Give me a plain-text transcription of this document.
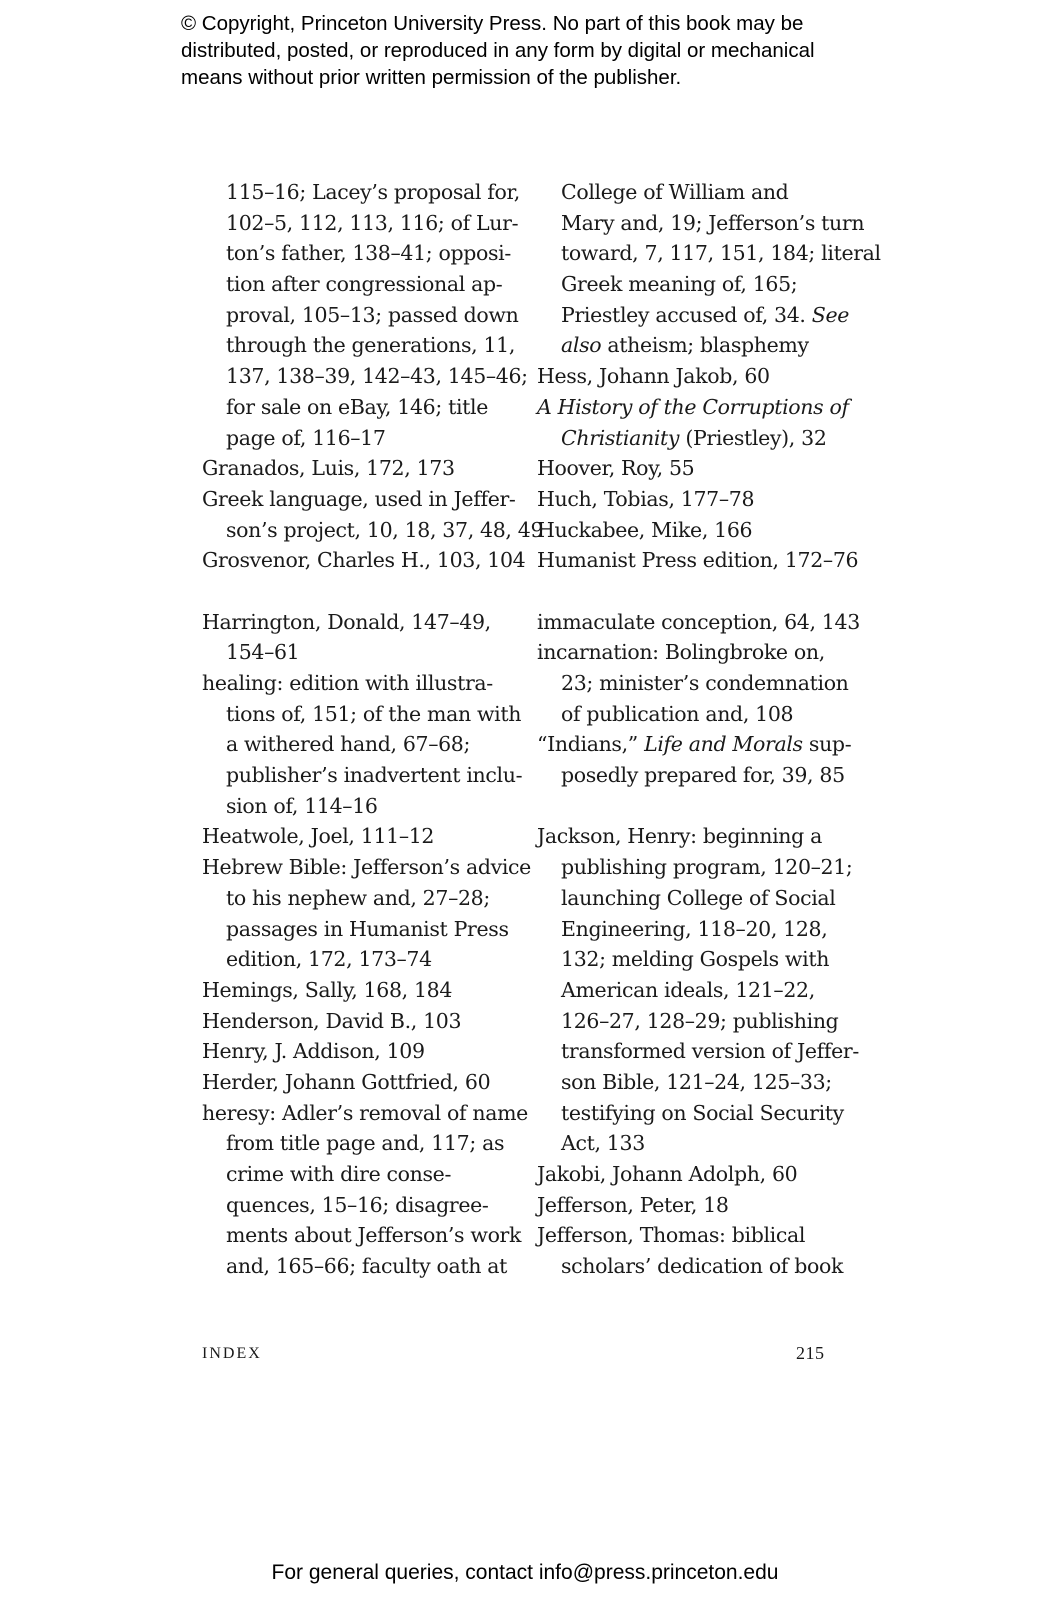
© Copyright, Princeton University Press. No part of this book may be
distributed, posted, or reproduced in any form by digital or mechanical
means without prior written permission of the publisher.
115–16; Lacey’s proposal for,
102–5, 112, 113, 116; of Lur-
ton’s father, 138–41; opposi-
tion after congressional ap-
proval, 105–13; passed down
through the generations, 11,
137, 138–39, 142–43, 145–46;
for sale on eBay, 146; title
page of, 116–17
Granados, Luis, 172, 173
Greek language, used in Jeffer-
son’s project, 10, 18, 37, 48, 49
Grosvenor, Charles H., 103, 104
Harrington, Donald, 147–49,
154–61
healing: edition with illustra-
tions of, 151; of the man with
a withered hand, 67–68;
publisher’s inadvertent inclu-
sion of, 114–16
Heatwole, Joel, 111–12
Hebrew Bible: Jefferson’s advice
to his nephew and, 27–28;
passages in Humanist Press
edition, 172, 173–74
Hemings, Sally, 168, 184
Henderson, David B., 103
Henry, J. Addison, 109
Herder, Johann Gottfried, 60
heresy: Adler’s removal of name
from title page and, 117; as
crime with dire conse-
quences, 15–16; disagree-
ments about Jefferson’s work
and, 165–66; faculty oath at
College of William and
Mary and, 19; Jefferson’s turn
toward, 7, 117, 151, 184; literal
Greek meaning of, 165;
Priestley accused of, 34. See
also atheism; blasphemy
Hess, Johann Jakob, 60
A History of the Corruptions of
Christianity (Priestley), 32
Hoover, Roy, 55
Huch, Tobias, 177–78
Huckabee, Mike, 166
Humanist Press edition, 172–76
immaculate conception, 64, 143
incarnation: Bolingbroke on,
23; minister’s condemnation
of publication and, 108
“Indians,” Life and Morals sup-
posedly prepared for, 39, 85
Jackson, Henry: beginning a
publishing program, 120–21;
launching College of Social
Engineering, 118–20, 128,
132; melding Gospels with
American ideals, 121–22,
126–27, 128–29; publishing
transformed version of Jeffer-
son Bible, 121–24, 125–33;
testifying on Social Security
Act, 133
Jakobi, Johann Adolph, 60
Jefferson, Peter, 18
Jefferson, Thomas: biblical
scholars’ dedication of book
INDEX	215
For general queries, contact info@press.princeton.edu
